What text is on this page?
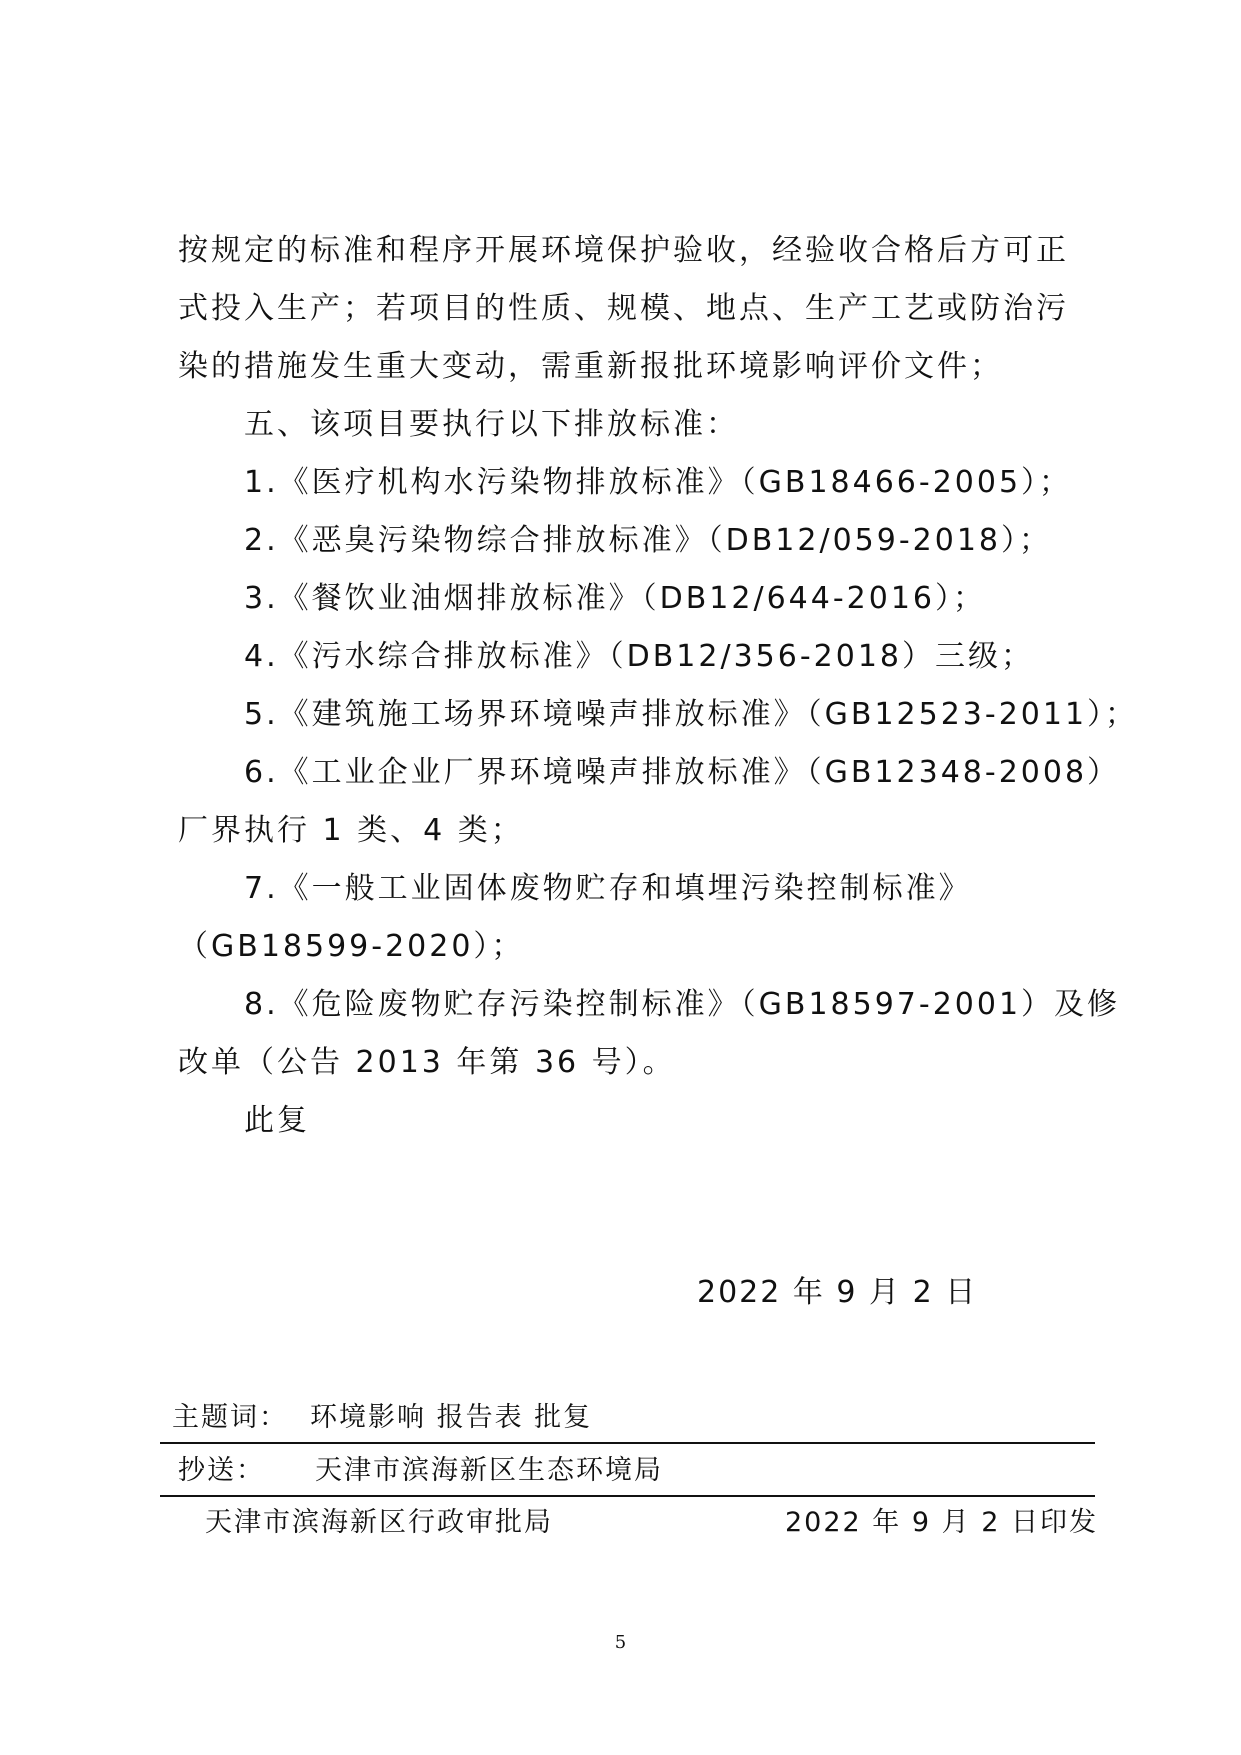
按规定的标准和程序开展环境保护验收，经验收合格后方可正
式投入生产；若项目的性质、规模、地点、生产工艺或防治污
染的措施发生重大变动，需重新报批环境影响评价文件；
五、该项目要执行以下排放标准：
1.《医疗机构水污染物排放标准》（GB18466-2005）；
2.《恶臭污染物综合排放标准》（DB12/059-2018）；
3.《餐饮业油烟排放标准》（DB12/644-2016）；
4.《污水综合排放标准》（DB12/356-2018）三级；
5.《建筑施工场界环境噪声排放标准》（GB12523-2011）；
6.《工业企业厂界环境噪声排放标准》（GB12348-2008）
厂界执行 1 类、4 类；
7.《一般工业固体废物贮存和填埋污染控制标准》
（GB18599-2020）；
8.《危险废物贮存污染控制标准》（GB18597-2001）及修
改单（公告 2013 年第 36 号）。
此复
2022 年 9 月 2 日
主题词： 环境影响 报告表 批复
抄送： 天津市滨海新区生态环境局
天津市滨海新区行政审批局	2022 年 9 月 2 日印发
5
